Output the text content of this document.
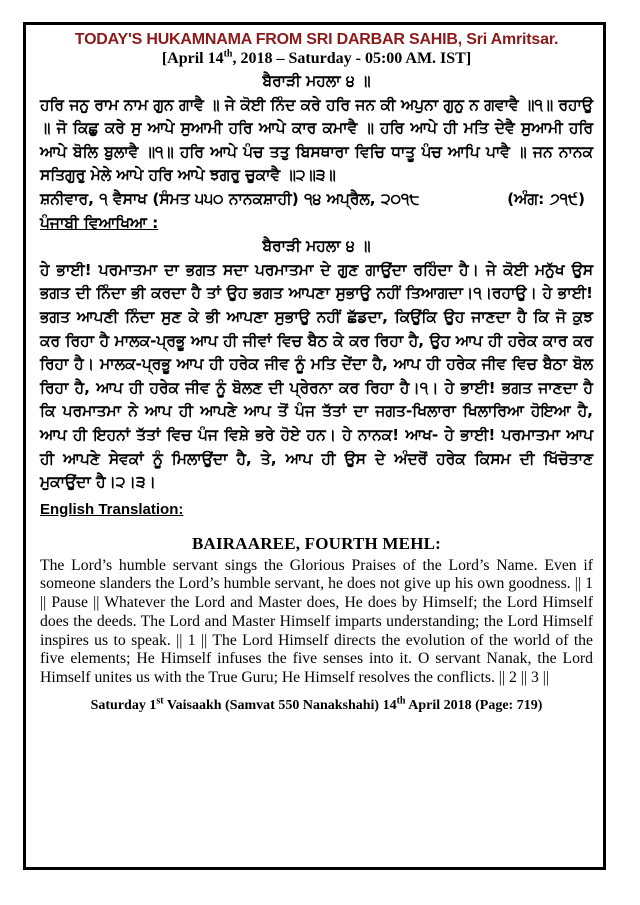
TODAY'S HUKAMNAMA FROM SRI DARBAR SAHIB, Sri Amritsar.
[April 14th, 2018 – Saturday - 05:00 AM. IST]
ਬੈਰਾੜੀ ਮਹਲਾ ੪ ॥
ਹਰਿ ਜਨੁ ਰਾਮ ਨਾਮ ਗੁਨ ਗਾਵੈ ॥ ਜੇ ਕੋਈ ਨਿੰਦ ਕਰੇ ਹਰਿ ਜਨ ਕੀ ਅਪੁਨਾ ਗੁਨੁ ਨ ਗਵਾਵੈ ॥੧॥ ਰਹਾਉ ॥ ਜੋ ਕਿਛੁ ਕਰੇ ਸੁ ਆਪੇ ਸੁਆਮੀ ਹਰਿ ਆਪੇ ਕਾਰ ਕਮਾਵੈ ॥ ਹਰਿ ਆਪੇ ਹੀ ਮਤਿ ਦੇਵੈ ਸੁਆਮੀ ਹਰਿ ਆਪੇ ਬੋਲਿ ਬੁਲਾਵੈ ॥੧॥ ਹਰਿ ਆਪੇ ਪੰਚ ਤਤੁ ਬਿਸਥਾਰਾ ਵਿਚਿ ਧਾਤੂ ਪੰਚ ਆਪਿ ਪਾਵੈ ॥ ਜਨ ਨਾਨਕ ਸਤਿਗੁਰੁ ਮੇਲੇ ਆਪੇ ਹਰਿ ਆਪੇ ਝਗਰੁ ਚੁਕਾਵੈ ॥੨॥੩॥
ਸ਼ਨੀਵਾਰ, ੧ ਵੈਸਾਖ (ਸੰਮਤ ੫੫੦ ਨਾਨਕਸ਼ਾਹੀ) ੧੪ ਅਪ੍ਰੈਲ, ੨੦੧੮	(ਅੰਗ: ੭੧੯)
ਪੰਜਾਬੀ ਵਿਆਖਿਆ :
ਬੈਰਾੜੀ ਮਹਲਾ ੪ ॥
ਹੇ ਭਾਈ! ਪਰਮਾਤਮਾ ਦਾ ਭਗਤ ਸਦਾ ਪਰਮਾਤਮਾ ਦੇ ਗੁਣ ਗਾਉਂਦਾ ਰਹਿੰਦਾ ਹੈ। ਜੇ ਕੋਈ ਮਨੁੱਖ ਉਸ ਭਗਤ ਦੀ ਨਿੰਦਾ ਭੀ ਕਰਦਾ ਹੈ ਤਾਂ ਉਹ ਭਗਤ ਆਪਣਾ ਸੁਭਾਉ ਨਹੀਂ ਤਿਆਗਦਾ।੧।ਰਹਾਉ। ਹੇ ਭਾਈ! ਭਗਤ ਆਪਣੀ ਨਿੰਦਾ ਸੁਣ ਕੇ ਭੀ ਆਪਣਾ ਸੁਭਾਉ ਨਹੀਂ ਛੱਡਦਾ, ਕਿਉਂਕਿ ਉਹ ਜਾਣਦਾ ਹੈ ਕਿ ਜੋ ਕੁਝ ਕਰ ਰਿਹਾ ਹੈ ਮਾਲਕ-ਪ੍ਰਭੂ ਆਪ ਹੀ ਜੀਵਾਂ ਵਿਚ ਬੈਠ ਕੇ ਕਰ ਰਿਹਾ ਹੈ, ਉਹ ਆਪ ਹੀ ਹਰੇਕ ਕਾਰ ਕਰ ਰਿਹਾ ਹੈ। ਮਾਲਕ-ਪ੍ਰਭੂ ਆਪ ਹੀ ਹਰੇਕ ਜੀਵ ਨੂੰ ਮਤਿ ਦੇਂਦਾ ਹੈ, ਆਪ ਹੀ ਹਰੇਕ ਜੀਵ ਵਿਚ ਬੈਠਾ ਬੋਲ ਰਿਹਾ ਹੈ, ਆਪ ਹੀ ਹਰੇਕ ਜੀਵ ਨੂੰ ਬੋਲਣ ਦੀ ਪ੍ਰੇਰਨਾ ਕਰ ਰਿਹਾ ਹੈ।੧। ਹੇ ਭਾਈ! ਭਗਤ ਜਾਣਦਾ ਹੈ ਕਿ ਪਰਮਾਤਮਾ ਨੇ ਆਪ ਹੀ ਆਪਣੇ ਆਪ ਤੋਂ ਪੰਜ ਤੱਤਾਂ ਦਾ ਜਗਤ-ਖਿਲਾਰਾ ਖਿਲਾਰਿਆ ਹੋਇਆ ਹੈ, ਆਪ ਹੀ ਇਹਨਾਂ ਤੱਤਾਂ ਵਿਚ ਪੰਜ ਵਿਸ਼ੇ ਭਰੇ ਹੋਏ ਹਨ। ਹੇ ਨਾਨਕ! ਆਖ- ਹੇ ਭਾਈ! ਪਰਮਾਤਮਾ ਆਪ ਹੀ ਆਪਣੇ ਸੇਵਕਾਂ ਨੂੰ ਮਿਲਾਉਂਦਾ ਹੈ, ਤੇ, ਆਪ ਹੀ ਉਸ ਦੇ ਅੰਦਰੋਂ ਹਰੇਕ ਕਿਸਮ ਦੀ ਖਿੱਚੋਤਾਣ ਮੁਕਾਉਂਦਾ ਹੈ।੨।੩।
English Translation:
BAIRAAREE, FOURTH MEHL:
The Lord’s humble servant sings the Glorious Praises of the Lord’s Name. Even if someone slanders the Lord’s humble servant, he does not give up his own goodness. || 1 || Pause || Whatever the Lord and Master does, He does by Himself; the Lord Himself does the deeds. The Lord and Master Himself imparts understanding; the Lord Himself inspires us to speak. || 1 || The Lord Himself directs the evolution of the world of the five elements; He Himself infuses the five senses into it. O servant Nanak, the Lord Himself unites us with the True Guru; He Himself resolves the conflicts. || 2 || 3 ||
Saturday 1st Vaisaakh (Samvat 550 Nanakshahi) 14th April 2018 (Page: 719)
